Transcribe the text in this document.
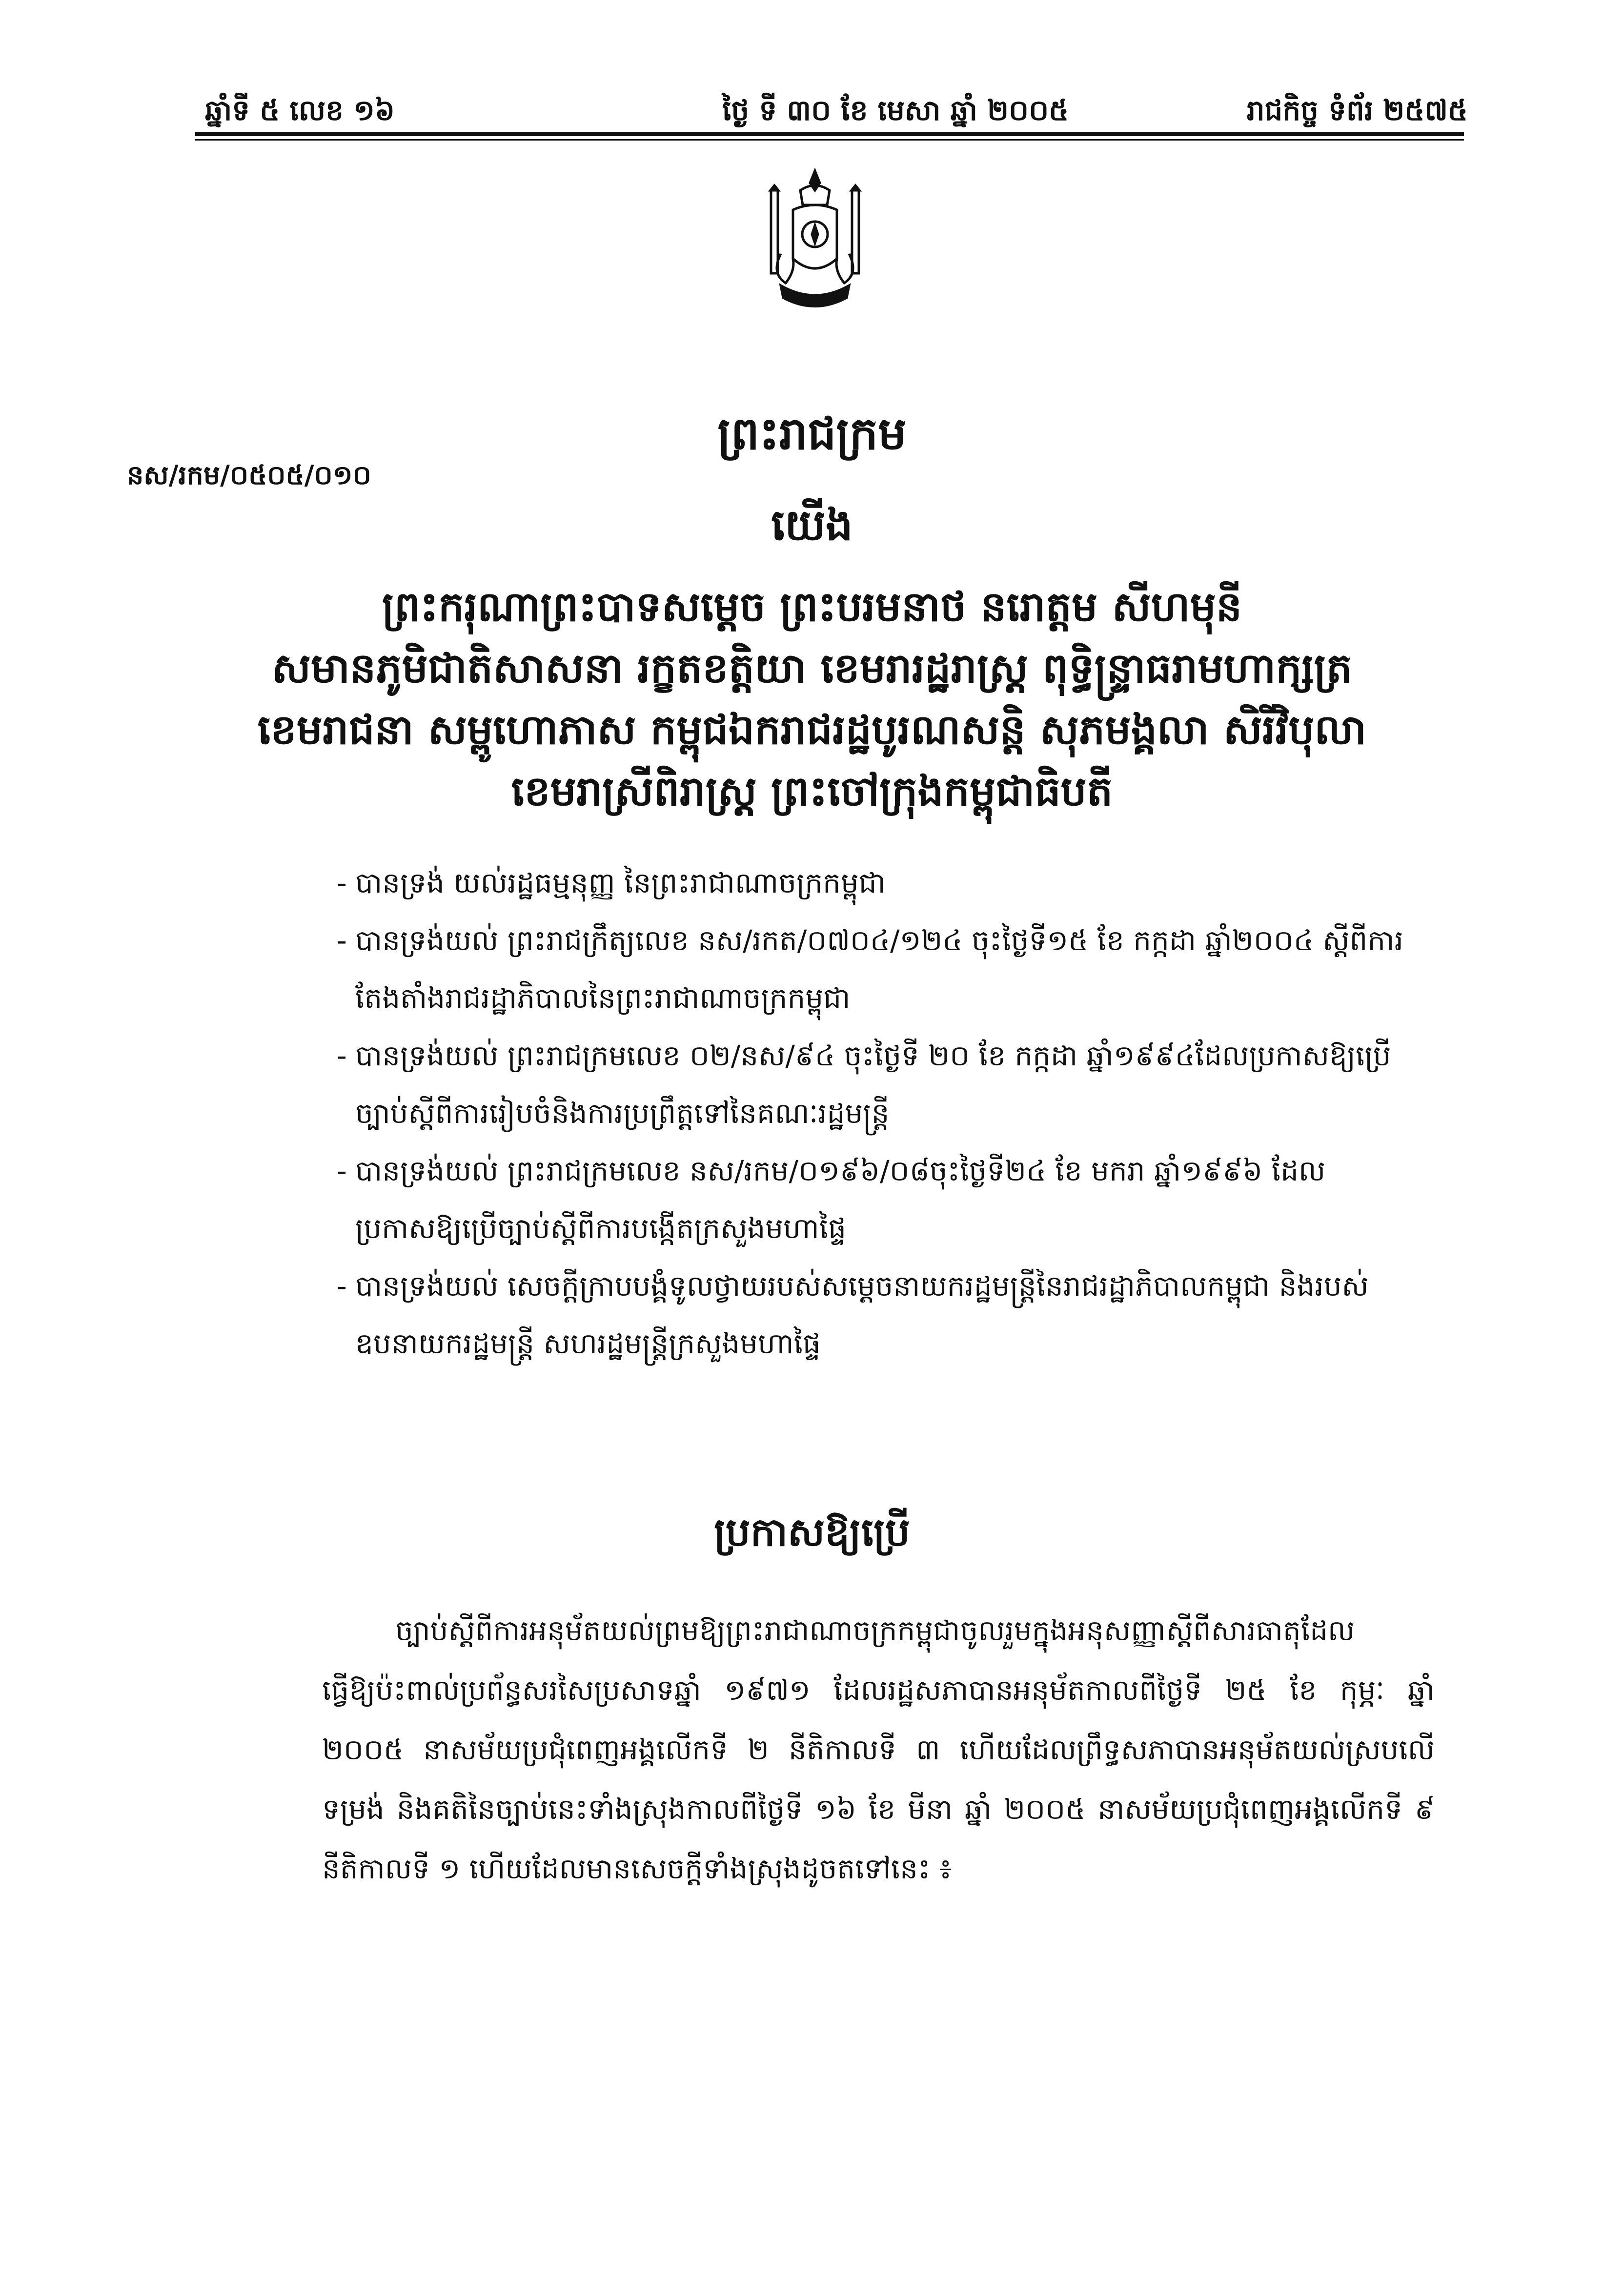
ឆ្នាំទី ៥ លេខ ១៦	ថ្ងៃ ទី ៣០ ខែ មេសា ឆ្នាំ ២០០៥	រាជកិច្ច ទំព័រ ២៥៧៥
ព្រះរាជក្រម
នស/រកម/០៥០៥/០១០
យើង
ព្រះករុណាព្រះបាទសម្តេច ព្រះបរមនាថ នរោត្តម សីហមុនី
សមានភូមិជាតិសាសនា រក្ខតខត្តិយា ខេមរារដ្ឋរាស្ត្រ ពុទ្ធិន្ទ្រាធរាមហាក្សត្រ
ខេមរាជនា សម្ពូហោភាស កម្ពុជឯករាជរដ្ឋបូរណសន្តិ សុភមង្គលា សិរីវិបុលា
ខេមរាស្រីពិរាស្ត្រ ព្រះចៅក្រុងកម្ពុជាធិបតី
- បានទ្រង់ យល់រដ្ឋធម្មនុញ្ញ នៃព្រះរាជាណាចក្រកម្ពុជា
- បានទ្រង់យល់ ព្រះរាជក្រឹត្យលេខ នស/រកត/០៧០៤/១២៤ ចុះថ្ងៃទី១៥ ខែ កក្កដា ឆ្នាំ២០០៤ ស្តីពីការតែងតាំងរាជរដ្ឋាភិបាលនៃព្រះរាជាណាចក្រកម្ពុជា
- បានទ្រង់យល់ ព្រះរាជក្រមលេខ ០២/នស/៩៤ ចុះថ្ងៃទី ២០ ខែ កក្កដា ឆ្នាំ១៩៩៤ដែលប្រកាសឱ្យប្រើច្បាប់ស្តីពីការរៀបចំនិងការប្រព្រឹត្តទៅនៃគណៈរដ្ឋមន្ត្រី
- បានទ្រង់យល់ ព្រះរាជក្រមលេខ នស/រកម/០១៩៦/០៨ចុះថ្ងៃទី២៤ ខែ មករា ឆ្នាំ១៩៩៦ ដែលប្រកាសឱ្យប្រើច្បាប់ស្តីពីការបង្កើតក្រសួងមហាផ្ទៃ
- បានទ្រង់យល់ សេចក្តីក្រាបបង្គំទូលថ្វាយរបស់សម្តេចនាយករដ្ឋមន្ត្រីនៃរាជរដ្ឋាភិបាលកម្ពុជា និងរបស់ឧបនាយករដ្ឋមន្ត្រី សហរដ្ឋមន្ត្រីក្រសួងមហាផ្ទៃ
ប្រកាសឱ្យប្រើ
ច្បាប់ស្តីពីការអនុម័តយល់ព្រមឱ្យព្រះរាជាណាចក្រកម្ពុជាចូលរួមក្នុងអនុសញ្ញាស្តីពីសារធាតុដែលធ្វើឱ្យប៉ះពាល់ប្រព័ន្ធសរសៃប្រសាទឆ្នាំ ១៩៧១ ដែលរដ្ឋសភាបានអនុម័តកាលពីថ្ងៃទី ២៥ ខែ កុម្ភៈ ឆ្នាំ ២០០៥ នាសម័យប្រជុំពេញអង្គលើកទី ២ នីតិកាលទី ៣ ហើយដែលព្រឹទ្ធសភាបានអនុម័តយល់ស្របលើទម្រង់ និងគតិនៃច្បាប់នេះទាំងស្រុងកាលពីថ្ងៃទី ១៦ ខែ មីនា ឆ្នាំ ២០០៥ នាសម័យប្រជុំពេញអង្គលើកទី ៩ នីតិកាលទី ១ ហើយដែលមានសេចក្តីទាំងស្រុងដូចតទៅនេះ ៖
